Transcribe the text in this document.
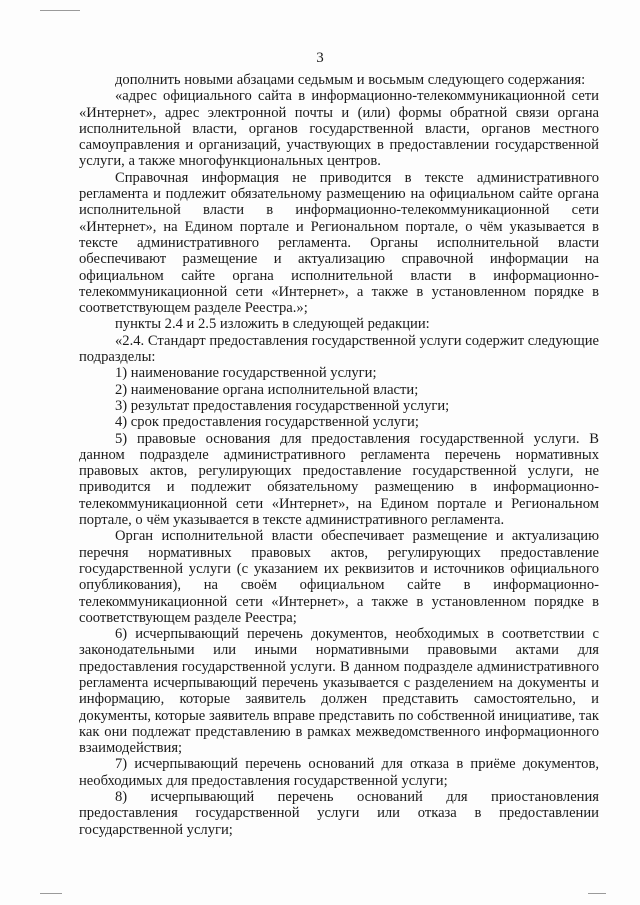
3

дополнить новыми абзацами седьмым и восьмым следующего содержания:

«адрес официального сайта в информационно-телекоммуникационной сети «Интернет», адрес электронной почты и (или) формы обратной связи органа исполнительной власти, органов государственной власти, органов местного самоуправления и организаций, участвующих в предоставлении государственной услуги, а также многофункциональных центров.

Справочная информация не приводится в тексте административного регламента и подлежит обязательному размещению на официальном сайте органа исполнительной власти в информационно-телекоммуникационной сети «Интернет», на Едином портале и Региональном портале, о чём указывается в тексте административного регламента. Органы исполнительной власти обеспечивают размещение и актуализацию справочной информации на официальном сайте органа исполнительной власти в информационно-телекоммуникационной сети «Интернет», а также в установленном порядке в соответствующем разделе Реестра.»;

пункты 2.4 и 2.5 изложить в следующей редакции:

«2.4. Стандарт предоставления государственной услуги содержит следующие подразделы:

1) наименование государственной услуги;

2) наименование органа исполнительной власти;

3) результат предоставления государственной услуги;

4) срок предоставления государственной услуги;

5) правовые основания для предоставления государственной услуги. В данном подразделе административного регламента перечень нормативных правовых актов, регулирующих предоставление государственной услуги, не приводится и подлежит обязательному размещению в информационно-телекоммуникационной сети «Интернет», на Едином портале и Региональном портале, о чём указывается в тексте административного регламента.

Орган исполнительной власти обеспечивает размещение и актуализацию перечня нормативных правовых актов, регулирующих предоставление государственной услуги (с указанием их реквизитов и источников официального опубликования), на своём официальном сайте в информационно-телекоммуникационной сети «Интернет», а также в установленном порядке в соответствующем разделе Реестра;

6) исчерпывающий перечень документов, необходимых в соответствии с законодательными или иными нормативными правовыми актами для предоставления государственной услуги. В данном подразделе административного регламента исчерпывающий перечень указывается с разделением на документы и информацию, которые заявитель должен представить самостоятельно, и документы, которые заявитель вправе представить по собственной инициативе, так как они подлежат представлению в рамках межведомственного информационного взаимодействия;

7) исчерпывающий перечень оснований для отказа в приёме документов, необходимых для предоставления государственной услуги;

8) исчерпывающий перечень оснований для приостановления предоставления государственной услуги или отказа в предоставлении государственной услуги;
